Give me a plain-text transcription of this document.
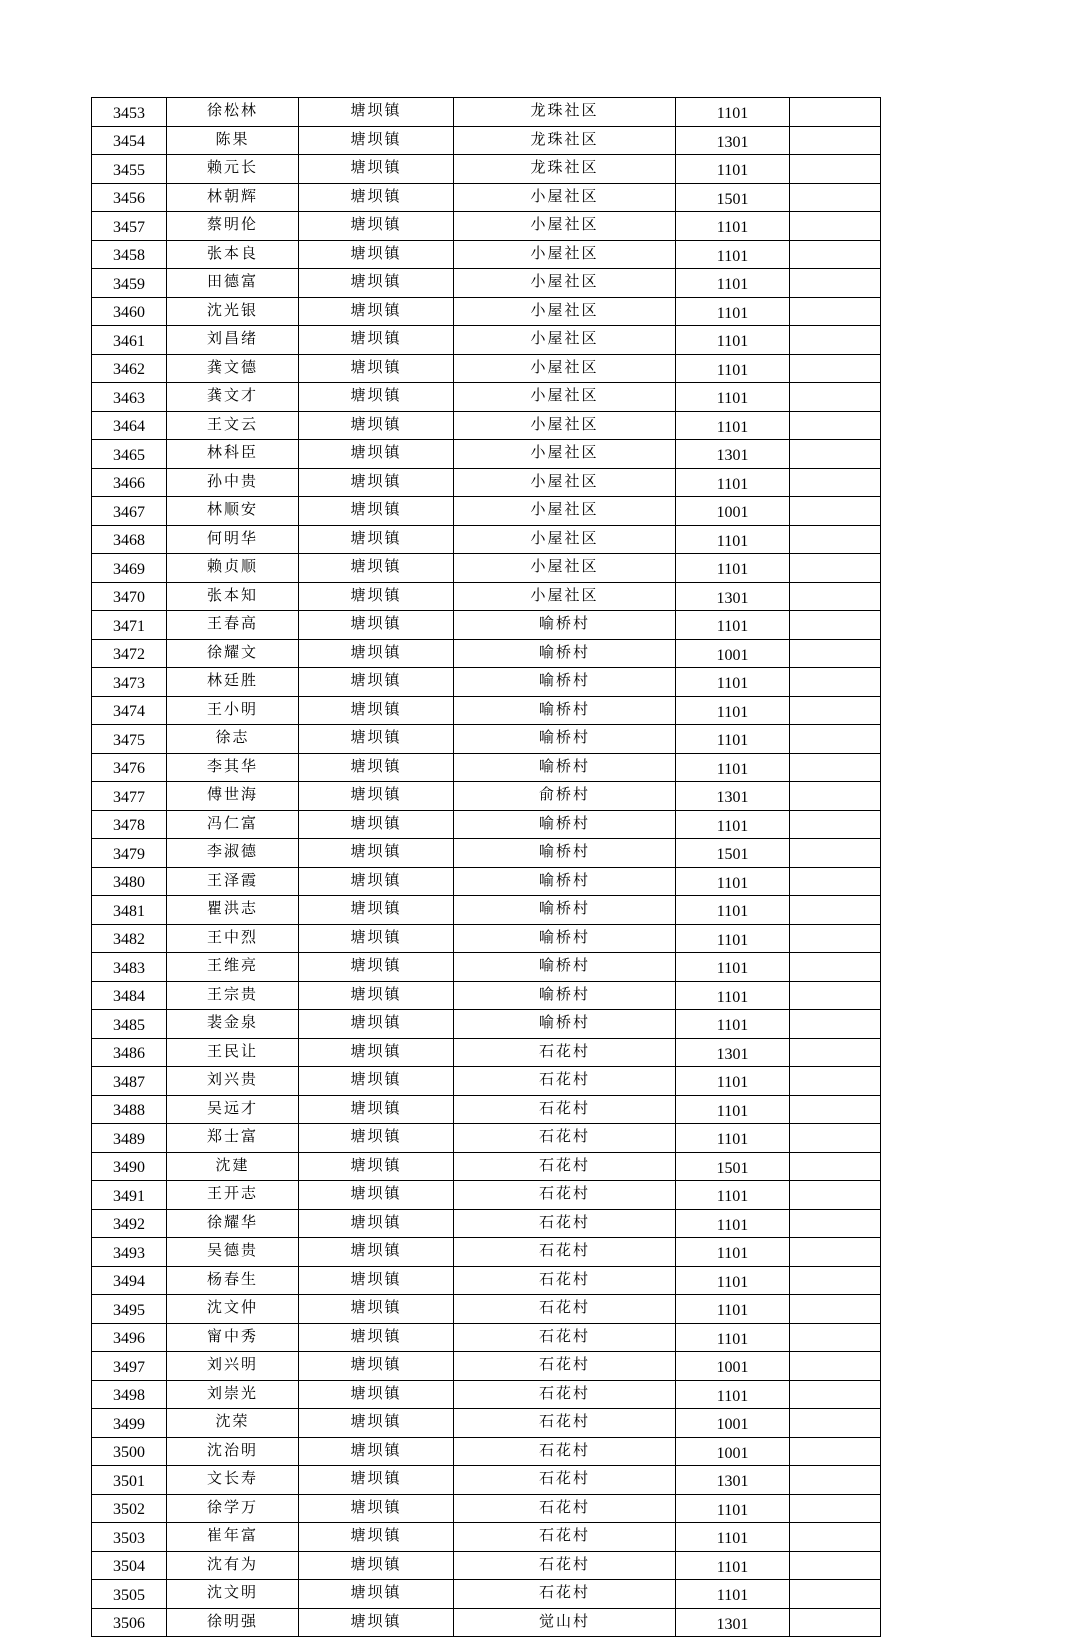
3453	徐松林	塘坝镇	龙珠社区	1101	
3454	陈果	塘坝镇	龙珠社区	1301	
3455	赖元长	塘坝镇	龙珠社区	1101	
3456	林朝辉	塘坝镇	小屋社区	1501	
3457	蔡明伦	塘坝镇	小屋社区	1101	
3458	张本良	塘坝镇	小屋社区	1101	
3459	田德富	塘坝镇	小屋社区	1101	
3460	沈光银	塘坝镇	小屋社区	1101	
3461	刘昌绪	塘坝镇	小屋社区	1101	
3462	龚文德	塘坝镇	小屋社区	1101	
3463	龚文才	塘坝镇	小屋社区	1101	
3464	王文云	塘坝镇	小屋社区	1101	
3465	林科臣	塘坝镇	小屋社区	1301	
3466	孙中贵	塘坝镇	小屋社区	1101	
3467	林顺安	塘坝镇	小屋社区	1001	
3468	何明华	塘坝镇	小屋社区	1101	
3469	赖贞顺	塘坝镇	小屋社区	1101	
3470	张本知	塘坝镇	小屋社区	1301	
3471	王春高	塘坝镇	喻桥村	1101	
3472	徐耀文	塘坝镇	喻桥村	1001	
3473	林廷胜	塘坝镇	喻桥村	1101	
3474	王小明	塘坝镇	喻桥村	1101	
3475	徐志	塘坝镇	喻桥村	1101	
3476	李其华	塘坝镇	喻桥村	1101	
3477	傅世海	塘坝镇	俞桥村	1301	
3478	冯仁富	塘坝镇	喻桥村	1101	
3479	李淑德	塘坝镇	喻桥村	1501	
3480	王泽霞	塘坝镇	喻桥村	1101	
3481	瞿洪志	塘坝镇	喻桥村	1101	
3482	王中烈	塘坝镇	喻桥村	1101	
3483	王维亮	塘坝镇	喻桥村	1101	
3484	王宗贵	塘坝镇	喻桥村	1101	
3485	裴金泉	塘坝镇	喻桥村	1101	
3486	王民让	塘坝镇	石花村	1301	
3487	刘兴贵	塘坝镇	石花村	1101	
3488	吴远才	塘坝镇	石花村	1101	
3489	郑士富	塘坝镇	石花村	1101	
3490	沈建	塘坝镇	石花村	1501	
3491	王开志	塘坝镇	石花村	1101	
3492	徐耀华	塘坝镇	石花村	1101	
3493	吴德贵	塘坝镇	石花村	1101	
3494	杨春生	塘坝镇	石花村	1101	
3495	沈文仲	塘坝镇	石花村	1101	
3496	甯中秀	塘坝镇	石花村	1101	
3497	刘兴明	塘坝镇	石花村	1001	
3498	刘崇光	塘坝镇	石花村	1101	
3499	沈荣	塘坝镇	石花村	1001	
3500	沈治明	塘坝镇	石花村	1001	
3501	文长寿	塘坝镇	石花村	1301	
3502	徐学万	塘坝镇	石花村	1101	
3503	崔年富	塘坝镇	石花村	1101	
3504	沈有为	塘坝镇	石花村	1101	
3505	沈文明	塘坝镇	石花村	1101	
3506	徐明强	塘坝镇	觉山村	1301	
